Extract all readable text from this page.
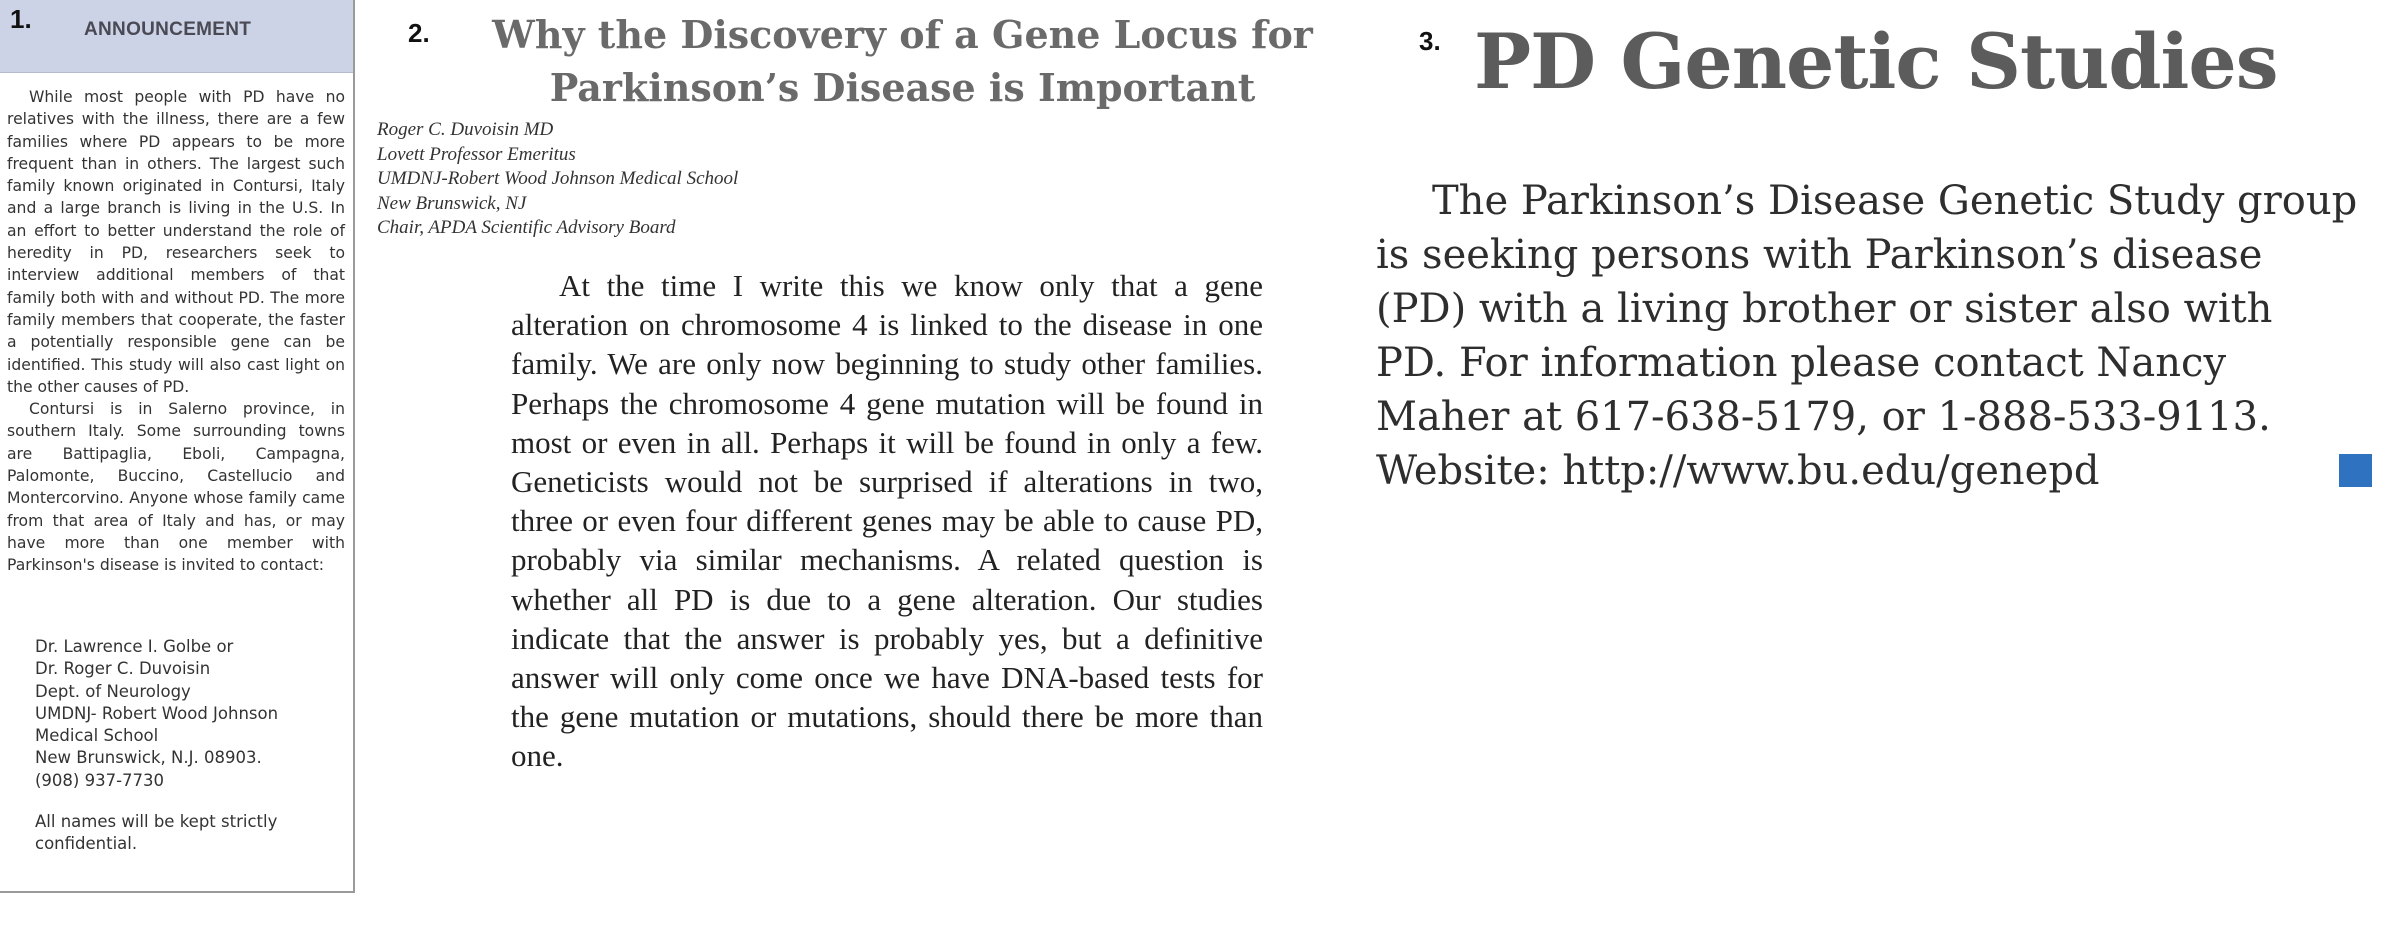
1.	ANNOUNCEMENT

While most people with PD have no relatives with the illness, there are a few families where PD appears to be more frequent than in others. The largest such family known originated in Contursi, Italy and a large branch is living in the U.S. In an effort to better understand the role of heredity in PD, researchers seek to interview additional members of that family both with and without PD. The more family members that cooperate, the faster a potentially responsible gene can be identified. This study will also cast light on the other causes of PD.

Contursi is in Salerno province, in southern Italy. Some surrounding towns are Battipaglia, Eboli, Campagna, Palomonte, Buccino, Castellucio and Montercorvino. Anyone whose family came from that area of Italy and has, or may have more than one member with Parkinson's disease is invited to contact:

Dr. Lawrence I. Golbe or
Dr. Roger C. Duvoisin
Dept. of Neurology
UMDNJ- Robert Wood Johnson
Medical School
New Brunswick, N.J. 08903.
(908) 937-7730
All names will be kept strictly confidential.
2.	Why the Discovery of a Gene Locus for
Parkinson’s Disease is Important
Roger C. Duvoisin MD
Lovett Professor Emeritus
UMDNJ-Robert Wood Johnson Medical School
New Brunswick, NJ
Chair, APDA Scientific Advisory Board

At the time I write this we know only that a gene alteration on chromosome 4 is linked to the disease in one family. We are only now beginning to study other families. Perhaps the chromosome 4 gene mutation will be found in most or even in all. Perhaps it will be found in only a few. Geneticists would not be surprised if alterations in two, three or even four different genes may be able to cause PD, probably via similar mechanisms. A related question is whether all PD is due to a gene alteration. Our studies indicate that the answer is probably yes, but a definitive answer will only come once we have DNA-based tests for the gene mutation or mutations, should there be more than one.

3. PD Genetic Studies
The Parkinson’s Disease Genetic Study group
is seeking persons with Parkinson’s disease
(PD) with a living brother or sister also with
PD. For information please contact Nancy
Maher at 617-638-5179, or 1-888-533-9113.
Website: http://www.bu.edu/genepd
